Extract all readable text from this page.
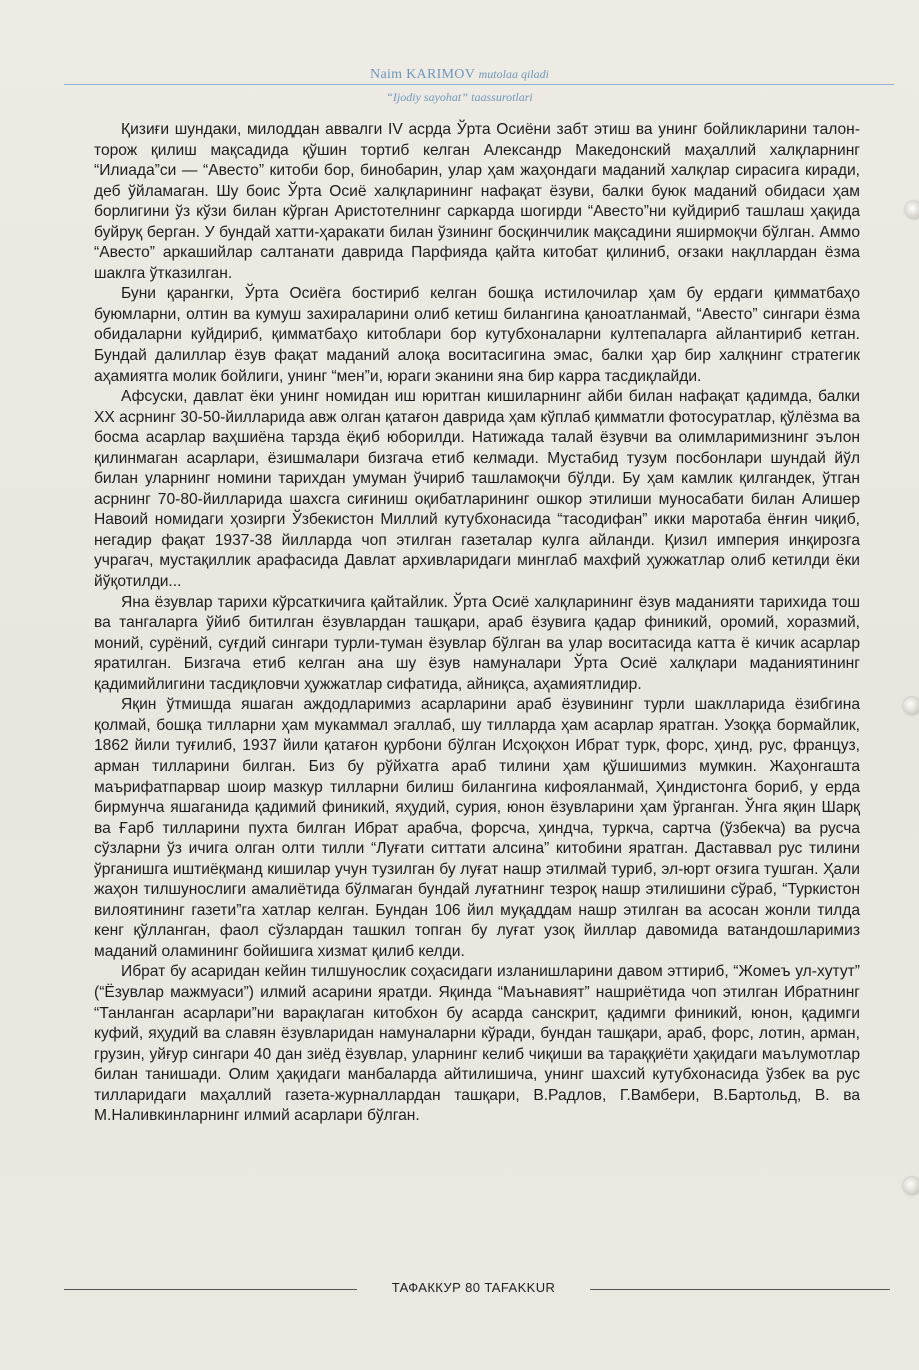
Naim KARIMOV mutolaa qiladi
“Ijodiy sayohat” taassurotlari

Қизиғи шундаки, милоддан аввалги IV асрда Ўрта Осиёни забт этиш ва унинг бойликларини талон-торож қилиш мақсадида қўшин тортиб келган Александр Македонский маҳаллий халқларнинг “Илиада”си — “Авесто” китоби бор, бинобарин, улар ҳам жаҳондаги маданий халқлар сирасига киради, деб ўйламаган. Шу боис Ўрта Осиё халқларининг нафақат ёзуви, балки буюк маданий обидаси ҳам борлигини ўз кўзи билан кўрган Аристотелнинг саркарда шогирди “Авесто”ни куйдириб ташлаш ҳақида буйруқ берган. У бундай хатти-ҳаракати билан ўзининг босқинчилик мақсадини яширмоқчи бўлган. Аммо “Авесто” аркашийлар салтанати даврида Парфияда қайта китобат қилиниб, оғзаки нақллардан ёзма шаклга ўтказилган.

Буни қарангки, Ўрта Осиёга бостириб келган бошқа истилочилар ҳам бу ердаги қимматбаҳо буюмларни, олтин ва кумуш захираларини олиб кетиш билангина қаноатланмай, “Авесто” сингари ёзма обидаларни куйдириб, қимматбаҳо китоблари бор кутубхоналарни култепаларга айлантириб кетган. Бундай далиллар ёзув фақат маданий алоқа воситасигина эмас, балки ҳар бир халқнинг стратегик аҳамиятга молик бойлиги, унинг “мен”и, юраги эканини яна бир карра тасдиқлайди.

Афсуски, давлат ёки унинг номидан иш юритган кишиларнинг айби билан нафақат қадимда, балки XX асрнинг 30-50-йилларида авж олган қатағон даврида ҳам кўплаб қимматли фотосуратлар, қўлёзма ва босма асарлар ваҳшиёна тарзда ёқиб юборилди. Натижада талай ёзувчи ва олимларимизнинг эълон қилинмаган асарлари, ёзишмалари бизгача етиб келмади. Мустабид тузум посбонлари шундай йўл билан уларнинг номини тарихдан умуман ўчириб ташламоқчи бўлди. Бу ҳам камлик қилгандек, ўтган асрнинг 70-80-йилларида шахсга сиғиниш оқибатларининг ошкор этилиши муносабати билан Алишер Навоий номидаги ҳозирги Ўзбекистон Миллий кутубхонасида “тасодифан” икки маротаба ёнғин чиқиб, негадир фақат 1937-38 йилларда чоп этилган газеталар кулга айланди. Қизил империя инқирозга учрагач, мустақиллик арафасида Давлат архивларидаги минглаб махфий ҳужжатлар олиб кетилди ёки йўқотилди...

Яна ёзувлар тарихи кўрсаткичига қайтайлик. Ўрта Осиё халқларининг ёзув маданияти тарихида тош ва тангаларга ўйиб битилган ёзувлардан ташқари, араб ёзувига қадар финикий, оромий, хоразмий, моний, сурёний, суғдий сингари турли-туман ёзувлар бўлган ва улар воситасида катта ё кичик асарлар яратилган. Бизгача етиб келган ана шу ёзув намуналари Ўрта Осиё халқлари маданиятининг қадимийлигини тасдиқловчи ҳужжатлар сифатида, айниқса, аҳамиятлидир.

Яқин ўтмишда яшаган аждодларимиз асарларини араб ёзувининг турли шаклларида ёзибгина қолмай, бошқа тилларни ҳам мукаммал эгаллаб, шу тилларда ҳам асарлар яратган. Узоққа бормайлик, 1862 йили туғилиб, 1937 йили қатағон қурбони бўлган Исҳоқхон Ибрат турк, форс, ҳинд, рус, француз, арман тилларини билган. Биз бу рўйхатга араб тилини ҳам қўшишимиз мумкин. Жаҳонгашта маърифатпарвар шоир мазкур тилларни билиш билангина кифояланмай, Ҳиндистонга бориб, у ерда бирмунча яшаганида қадимий финикий, яҳудий, сурия, юнон ёзувларини ҳам ўрганган. Ўнга яқин Шарқ ва Ғарб тилларини пухта билган Ибрат арабча, форсча, ҳиндча, туркча, сартча (ўзбекча) ва русча сўзларни ўз ичига олган олти тилли “Луғати ситтати алсина” китобини яратган. Даставвал рус тилини ўрганишга иштиёқманд кишилар учун тузилган бу луғат нашр этилмай туриб, эл-юрт оғзига тушган. Ҳали жаҳон тилшунослиги амалиётида бўлмаган бундай луғатнинг тезроқ нашр этилишини сўраб, “Туркистон вилоятининг газети”га хатлар келган. Бундан 106 йил муқаддам нашр этилган ва асосан жонли тилда кенг қўлланган, фаол сўзлардан ташкил топган бу луғат узоқ йиллар давомида ватандошларимиз маданий оламининг бойишига хизмат қилиб келди.

Ибрат бу асаридан кейин тилшунослик соҳасидаги изланишларини давом эттириб, “Жомеъ ул-хутут” (“Ёзувлар мажмуаси”) илмий асарини яратди. Яқинда “Маънавият” нашриётида чоп этилган Ибратнинг “Танланган асарлари”ни варақлаган китобхон бу асарда санскрит, қадимги финикий, юнон, қадимги куфий, яҳудий ва славян ёзувларидан намуналарни кўради, бундан ташқари, араб, форс, лотин, арман, грузин, уйғур сингари 40 дан зиёд ёзувлар, уларнинг келиб чиқиши ва тараққиёти ҳақидаги маълумотлар билан танишади. Олим ҳақидаги манбаларда айтилишича, унинг шахсий кутубхонасида ўзбек ва рус тилларидаги маҳаллий газета-журналлардан ташқари, В.Радлов, Г.Вамбери, В.Бартольд, В. ва М.Наливкинларнинг илмий асарлари бўлган.

ТАФАККУР 80 TAFAKKUR
